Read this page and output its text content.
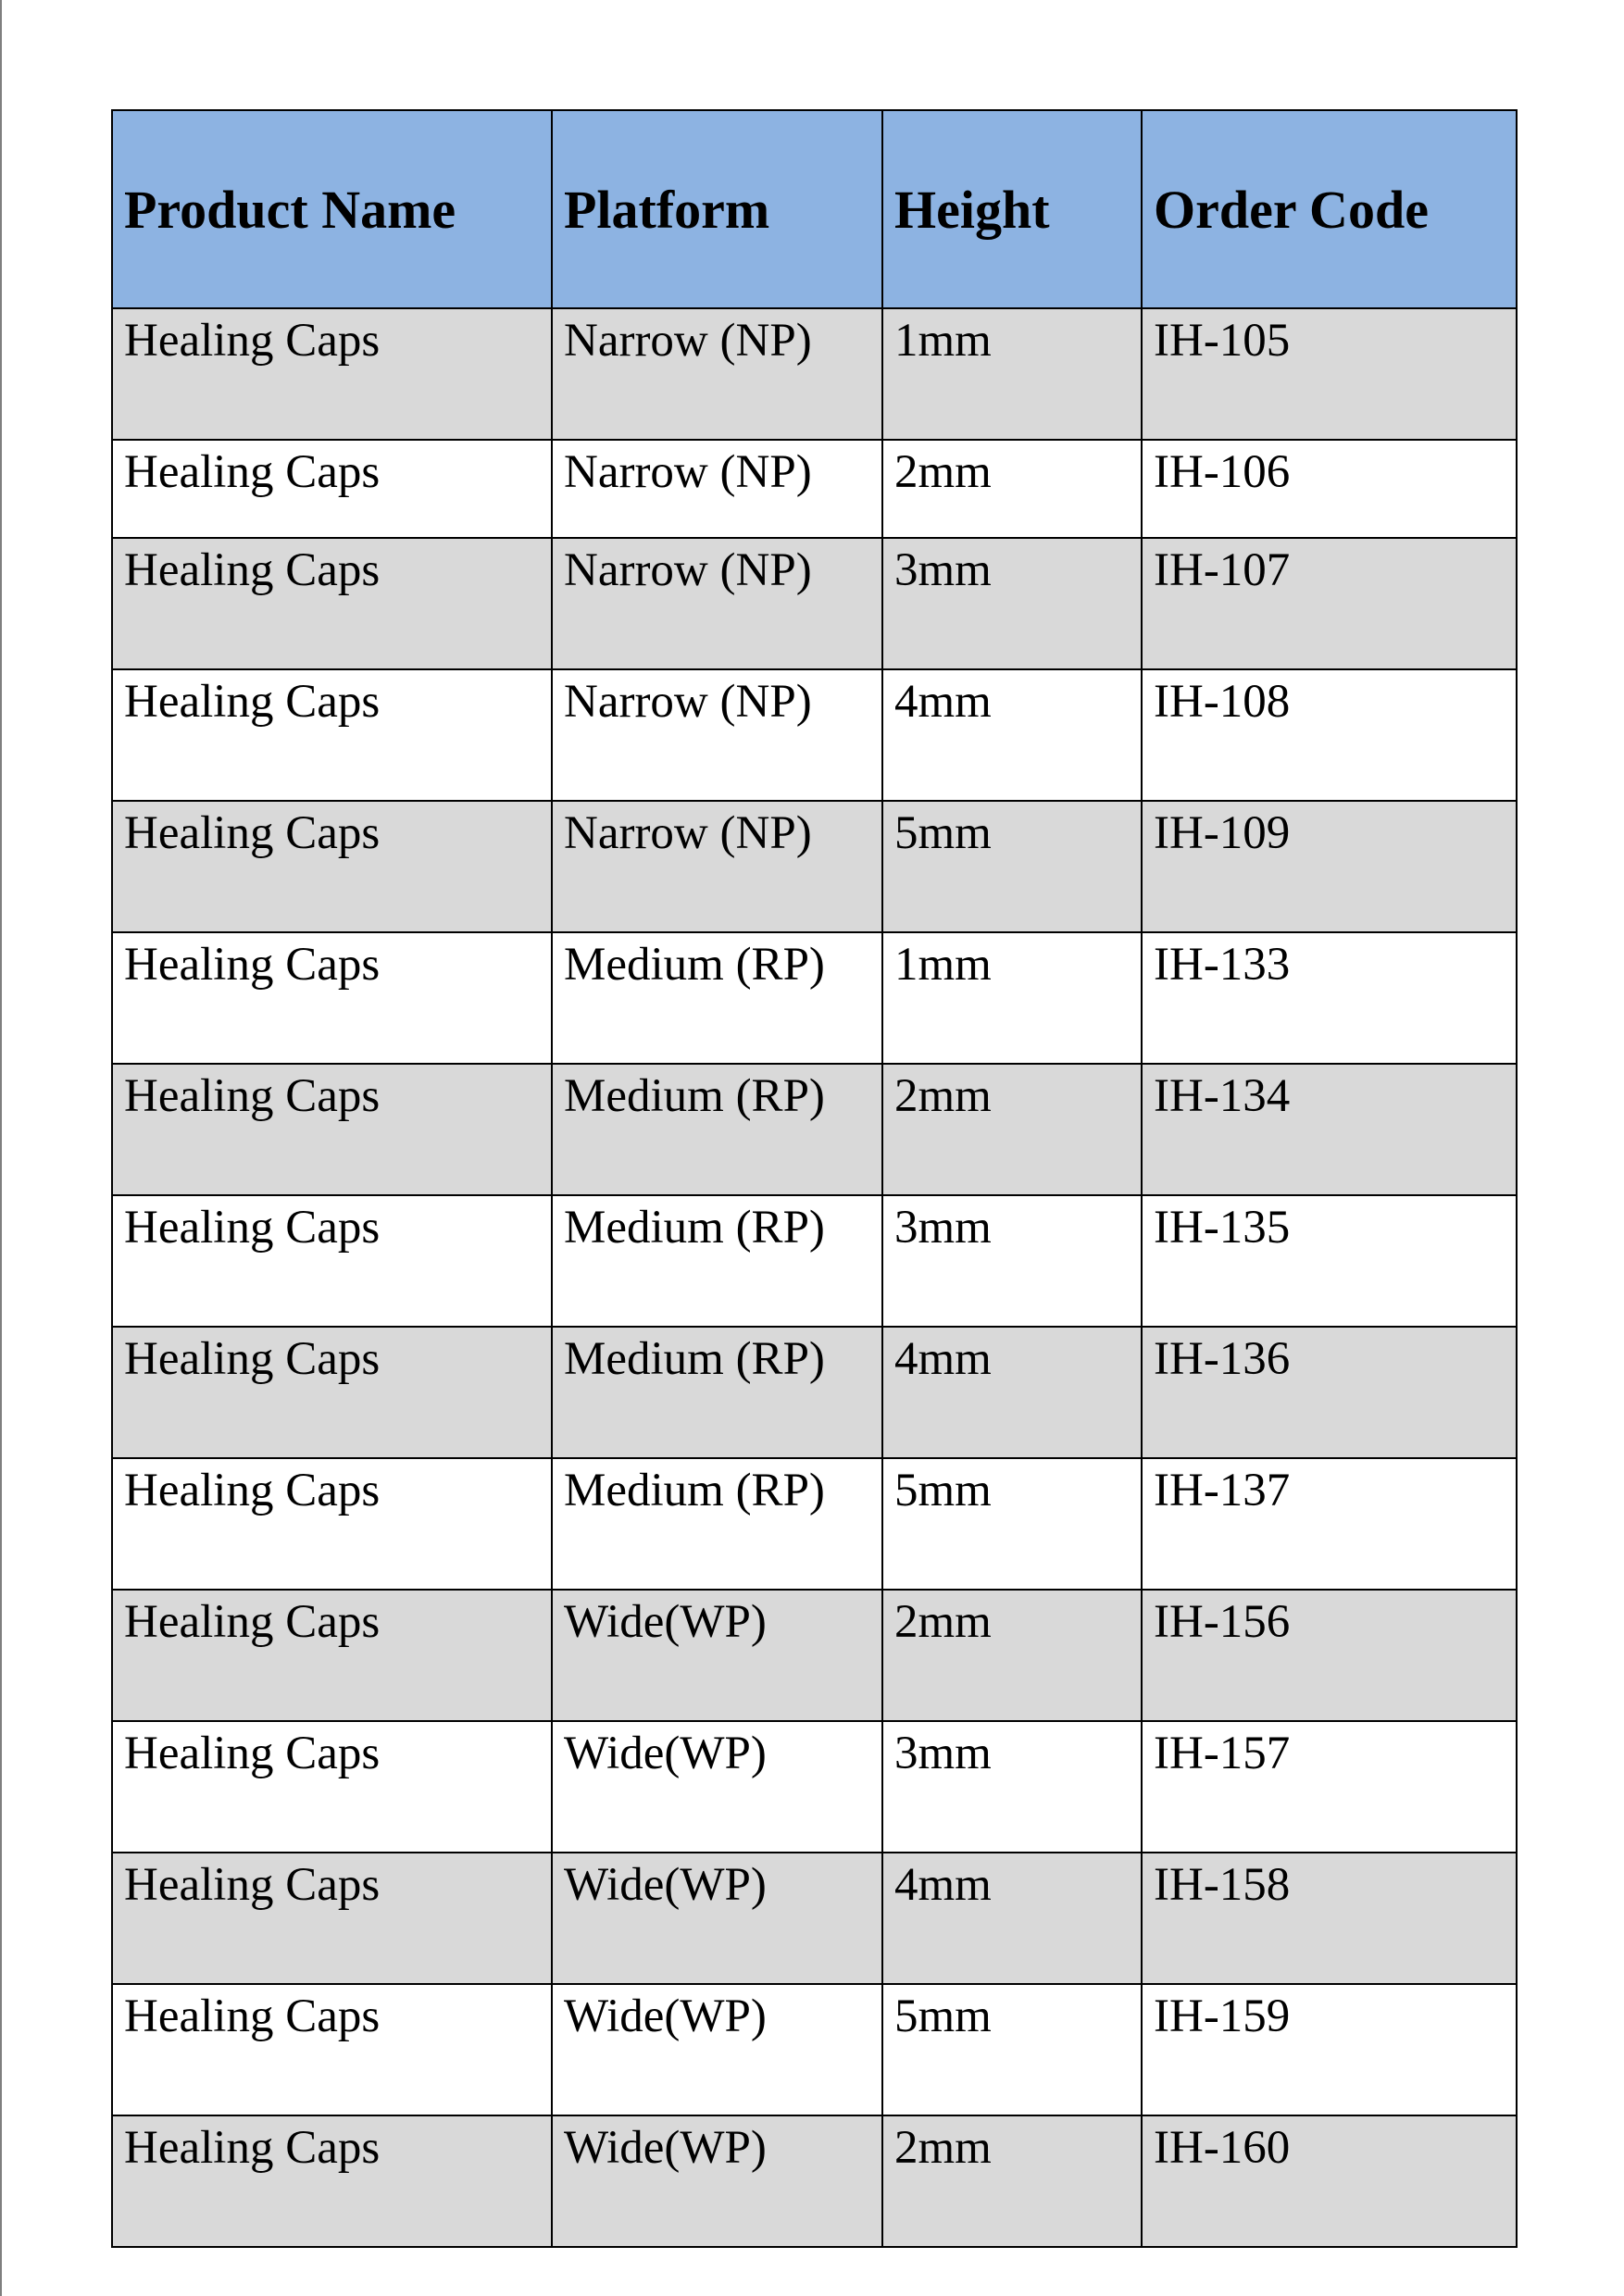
Product Name	Platform	Height	Order Code
Healing Caps	Narrow (NP)	1mm	IH-105
Healing Caps	Narrow (NP)	2mm	IH-106
Healing Caps	Narrow (NP)	3mm	IH-107
Healing Caps	Narrow (NP)	4mm	IH-108
Healing Caps	Narrow (NP)	5mm	IH-109
Healing Caps	Medium (RP)	1mm	IH-133
Healing Caps	Medium (RP)	2mm	IH-134
Healing Caps	Medium (RP)	3mm	IH-135
Healing Caps	Medium (RP)	4mm	IH-136
Healing Caps	Medium (RP)	5mm	IH-137
Healing Caps	Wide(WP)	2mm	IH-156
Healing Caps	Wide(WP)	3mm	IH-157
Healing Caps	Wide(WP)	4mm	IH-158
Healing Caps	Wide(WP)	5mm	IH-159
Healing Caps	Wide(WP)	2mm	IH-160
